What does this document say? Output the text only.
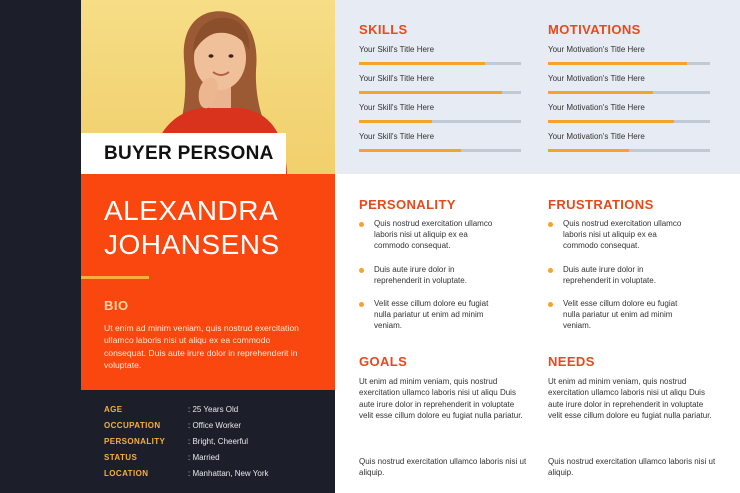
BUYER PERSONA
ALEXANDRA
JOHANSENS
BIO
Ut enim ad minim veniam, quis nostrud exercitation ullamco laboris nisi ut aliqu ex ea commodo consequat. Duis aute irure dolor in reprehenderit in voluptate.
AGE	: 25 Years Old
OCCUPATION	: Office Worker
PERSONALITY	: Bright, Cheerful
STATUS	: Married
LOCATION	: Manhattan, New York
SKILLS
Your Skill's Title Here
Your Skill's Title Here
Your Skill's Title Here
Your Skill's Title Here
MOTIVATIONS
Your Motivation's Title Here
Your Motivation's Title Here
Your Motivation's Title Here
Your Motivation's Title Here
PERSONALITY
Quis nostrud exercitation ullamco laboris nisi ut aliquip ex ea commodo consequat.
Duis aute irure dolor in reprehenderit in voluptate.
Velit esse cillum dolore eu fugiat nulla pariatur ut enim ad minim veniam.
FRUSTRATIONS
Quis nostrud exercitation ullamco laboris nisi ut aliquip ex ea commodo consequat.
Duis aute irure dolor in reprehenderit in voluptate.
Velit esse cillum dolore eu fugiat nulla pariatur ut enim ad minim veniam.
GOALS
Ut enim ad minim veniam, quis nostrud exercitation ullamco laboris nisi ut aliqu Duis aute irure dolor in reprehenderit in voluptate velit esse cillum dolore eu fugiat nulla pariatur.
Quis nostrud exercitation ullamco laboris nisi ut aliquip.
NEEDS
Ut enim ad minim veniam, quis nostrud exercitation ullamco laboris nisi ut aliqu Duis aute irure dolor in reprehenderit in voluptate velit esse cillum dolore eu fugiat nulla pariatur.
Quis nostrud exercitation ullamco laboris nisi ut aliquip.
